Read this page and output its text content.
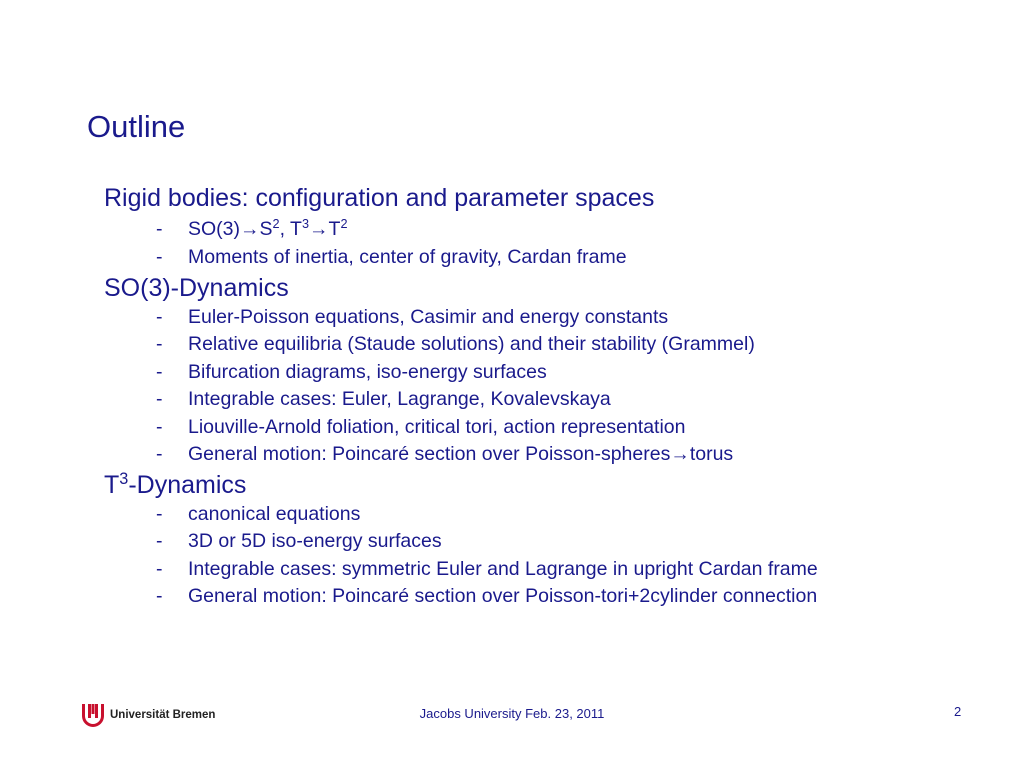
Outline
Rigid bodies: configuration and parameter spaces
- $SO(3)\to S^2$, $T^3\to T^2$
- Moments of inertia, center of gravity, Cardan frame
SO(3)-Dynamics
- Euler-Poisson equations, Casimir and energy constants
- Relative equilibria (Staude solutions) and their stability (Grammel)
- Bifurcation diagrams, iso-energy surfaces
- Integrable cases: Euler, Lagrange, Kovalevskaya
- Liouville-Arnold foliation, critical tori, action representation
- General motion: Poincaré section over Poisson-spheres→torus
$T^3$-Dynamics
- canonical equations
- 3D or 5D iso-energy surfaces
- Integrable cases: symmetric Euler and Lagrange in upright Cardan frame
- General motion: Poincaré section over Poisson-tori+2cylinder connection
Universität Bremen	Jacobs University Feb. 23, 2011	2
